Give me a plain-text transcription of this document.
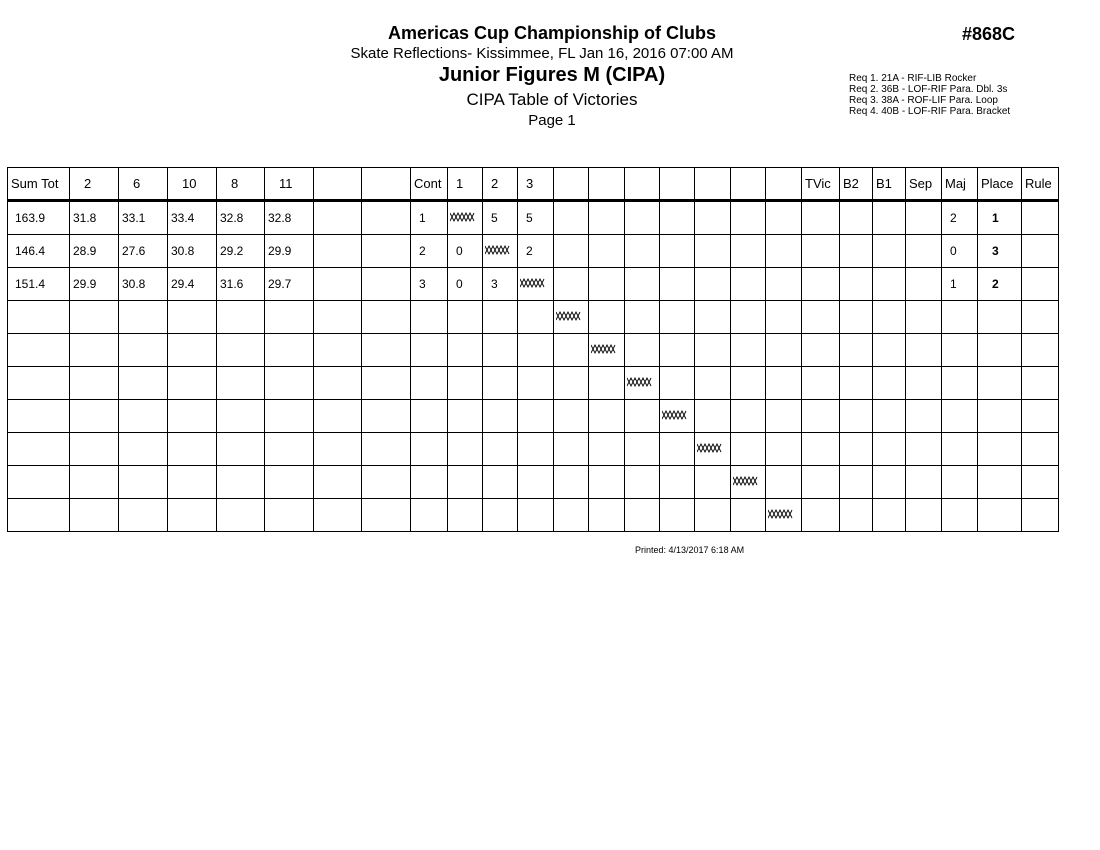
Americas Cup Championship of Clubs
Skate Reflections- Kissimmee, FL Jan 16, 2016 07:00 AM
Junior Figures M (CIPA)
CIPA Table of Victories
Page 1
#868C
Req 1. 21A - RIF-LIB Rocker
Req 2. 36B - LOF-RIF Para. Dbl. 3s
Req 3. 38A - ROF-LIF Para. Loop
Req 4. 40B - LOF-RIF Para. Bracket
Sum Tot	2	6	10	8	11			Cont	1	2	3								TVic	B2	B1	Sep	Maj	Place	Rule
163.9	31.8	33.1	33.4	32.8	32.8			1		5	5												2	1	
146.4	28.9	27.6	30.8	29.2	29.9			2	0		2												0	3	
151.4	29.9	30.8	29.4	31.6	29.7			3	0	3													1	2	

Printed: 4/13/2017 6:18 AM
